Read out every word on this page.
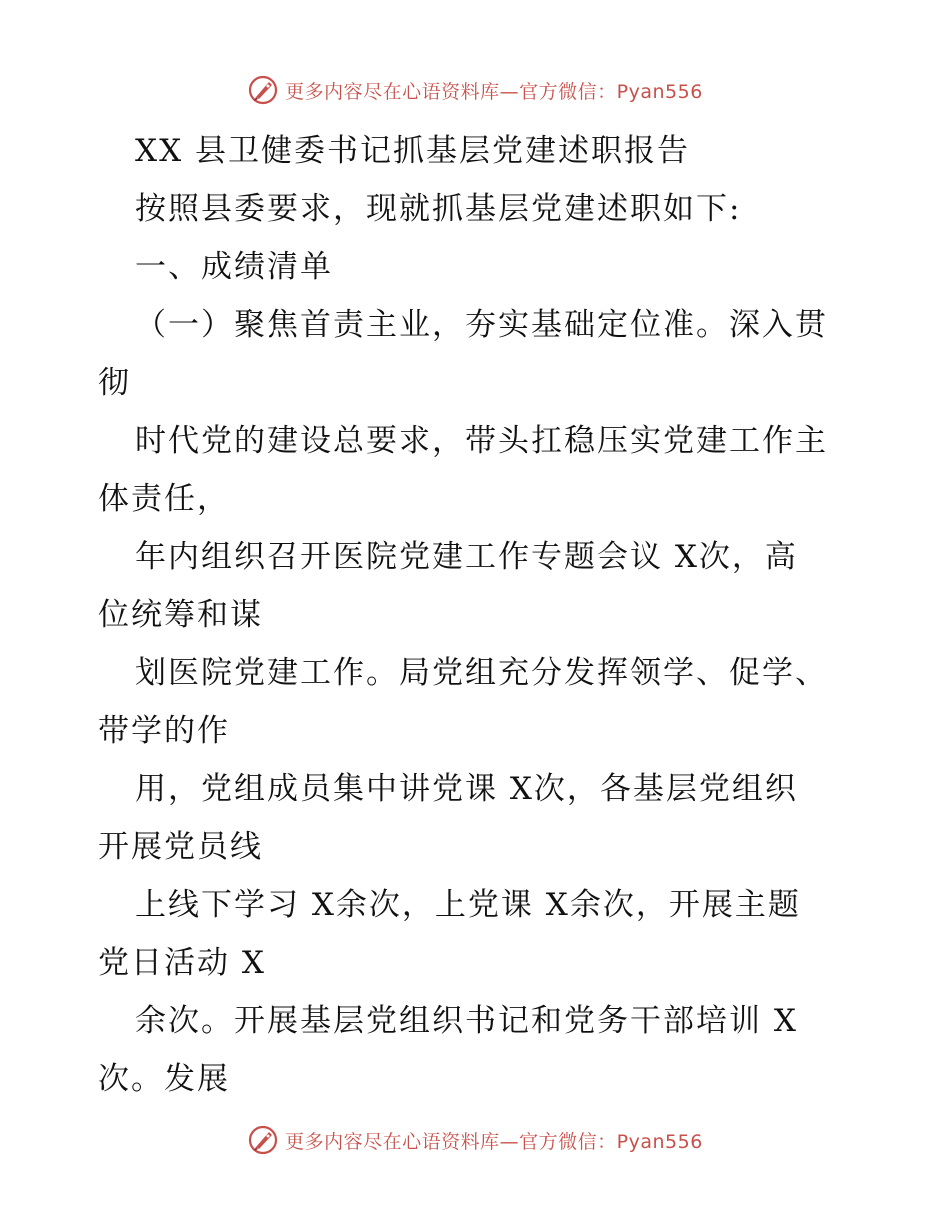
更多内容尽在心语资料库—官方微信：Pyan556
XX 县卫健委书记抓基层党建述职报告
按照县委要求，现就抓基层党建述职如下:
一、成绩清单
（一）聚焦首责主业，夯实基础定位准。深入贯
彻
时代党的建设总要求，带头扛稳压实党建工作主
体责任，
年内组织召开医院党建工作专题会议 X次，高
位统筹和谋
划医院党建工作。局党组充分发挥领学、促学、
带学的作
用，党组成员集中讲党课 X次，各基层党组织
开展党员线
上线下学习 X余次，上党课 X余次，开展主题
党日活动 X
余次。开展基层党组织书记和党务干部培训 X
次。发展
更多内容尽在心语资料库—官方微信：Pyan556
